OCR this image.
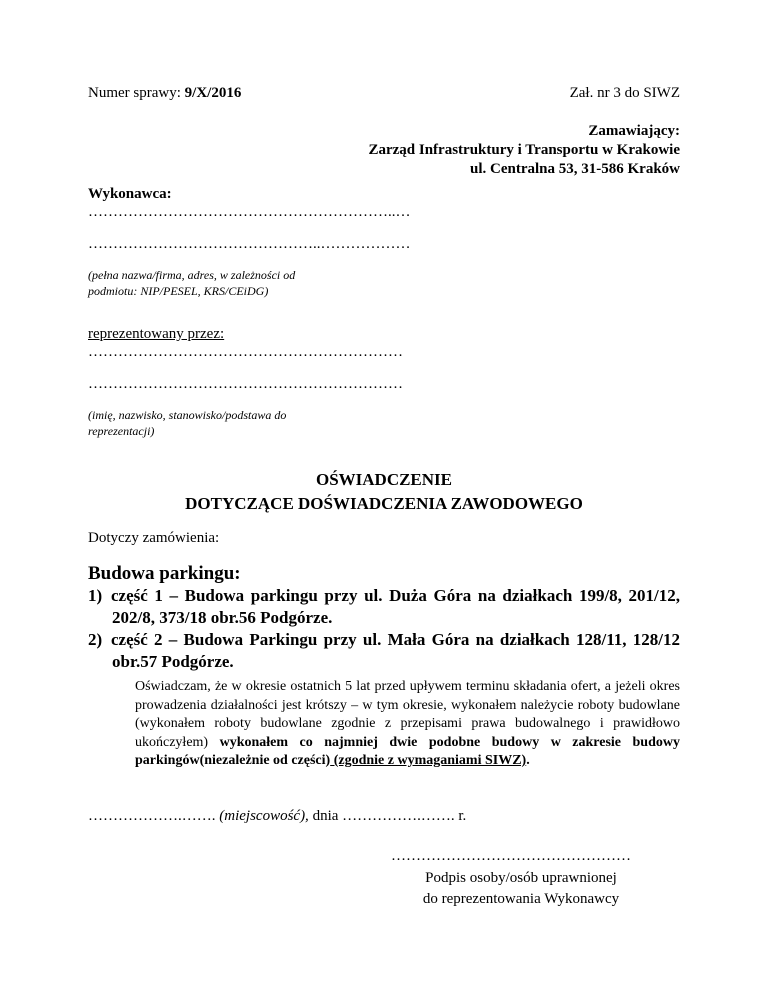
Numer sprawy: 9/X/2016	Zał. nr 3 do SIWZ
Zamawiający:
Zarząd Infrastruktury i Transportu w Krakowie
ul. Centralna 53, 31-586 Kraków
Wykonawca:
……………………………………………………..…
………………………………………..………………
(pełna nazwa/firma, adres, w zależności od podmiotu: NIP/PESEL, KRS/CEiDG)
reprezentowany przez:
………………………………………………………
………………………………………………………
(imię, nazwisko, stanowisko/podstawa do reprezentacji)
OŚWIADCZENIE
DOTYCZĄCE DOŚWIADCZENIA ZAWODOWEGO
Dotyczy zamówienia:
Budowa parkingu:
1) część 1 – Budowa parkingu przy ul. Duża Góra na działkach 199/8, 201/12, 202/8, 373/18 obr.56 Podgórze.
2) część 2 – Budowa Parkingu przy ul. Mała Góra na działkach 128/11, 128/12 obr.57 Podgórze.
Oświadczam, że w okresie ostatnich 5 lat przed upływem terminu składania ofert, a jeżeli okres prowadzenia działalności jest krótszy – w tym okresie, wykonałem należycie roboty budowlane (wykonałem roboty budowlane zgodnie z przepisami prawa budowalnego i prawidłowo ukończyłem) wykonałem co najmniej dwie podobne budowy w zakresie budowy parkingów(niezależnie od części) (zgodnie z wymaganiami SIWZ).
……………….……. (miejscowość), dnia …………….……. r.
…………………………………………
Podpis osoby/osób uprawnionej
do reprezentowania Wykonawcy
